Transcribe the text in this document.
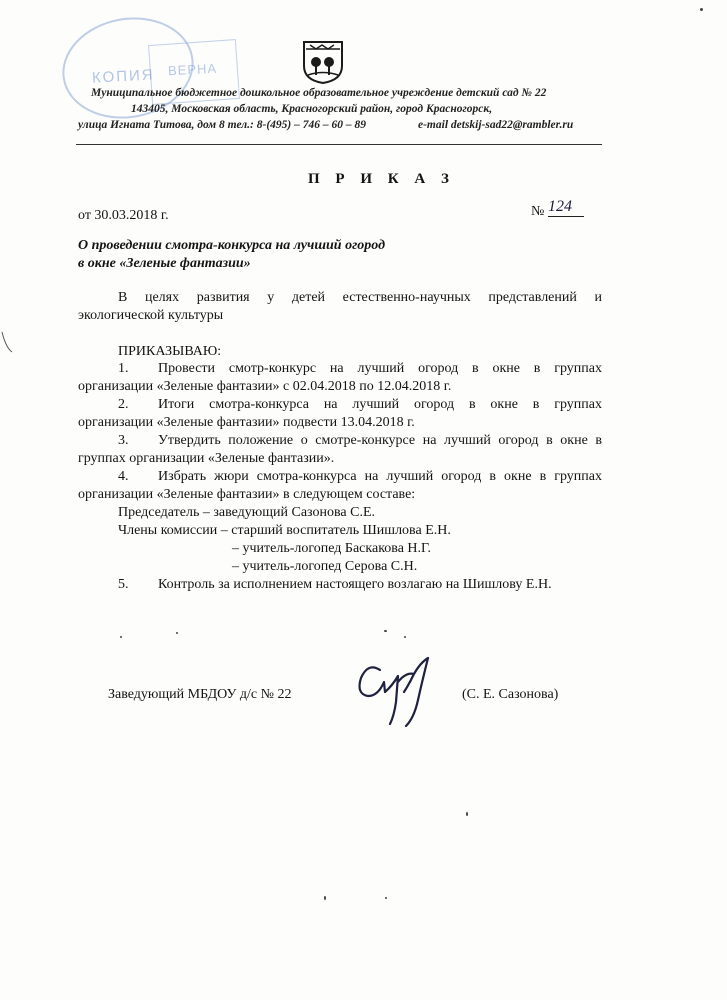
КОПИЯ ВЕРНА
Муниципальное бюджетное дошкольное образовательное учреждение детский сад № 22
143405, Московская область, Красногорский район, город Красногорск,
улица Игната Титова, дом 8 тел.: 8-(495) – 746 – 60 – 89	e-mail detskij-sad22@rambler.ru
П Р И К А З
от 30.03.2018 г.	№ 124
О проведении смотра-конкурса на лучший огород
в окне «Зеленые фантазии»
В целях развития у детей естественно-научных представлений и
экологической культуры
ПРИКАЗЫВАЮ:
1. Провести смотр-конкурс на лучший огород в окне в группах
организации «Зеленые фантазии» с 02.04.2018 по 12.04.2018 г.
2. Итоги смотра-конкурса на лучший огород в окне в группах
организации «Зеленые фантазии» подвести 13.04.2018 г.
3. Утвердить положение о смотре-конкурсе на лучший огород в окне в
группах организации «Зеленые фантазии».
4. Избрать жюри смотра-конкурса на лучший огород в окне в группах
организации «Зеленые фантазии» в следующем составе:
Председатель – заведующий Сазонова С.Е.
Члены комиссии – старший воспитатель Шишлова Е.Н.
– учитель-логопед Баскакова Н.Г.
– учитель-логопед Серова С.Н.
5. Контроль за исполнением настоящего возлагаю на Шишлову Е.Н.
Заведующий МБДОУ д/с № 22	(С. Е. Сазонова)
